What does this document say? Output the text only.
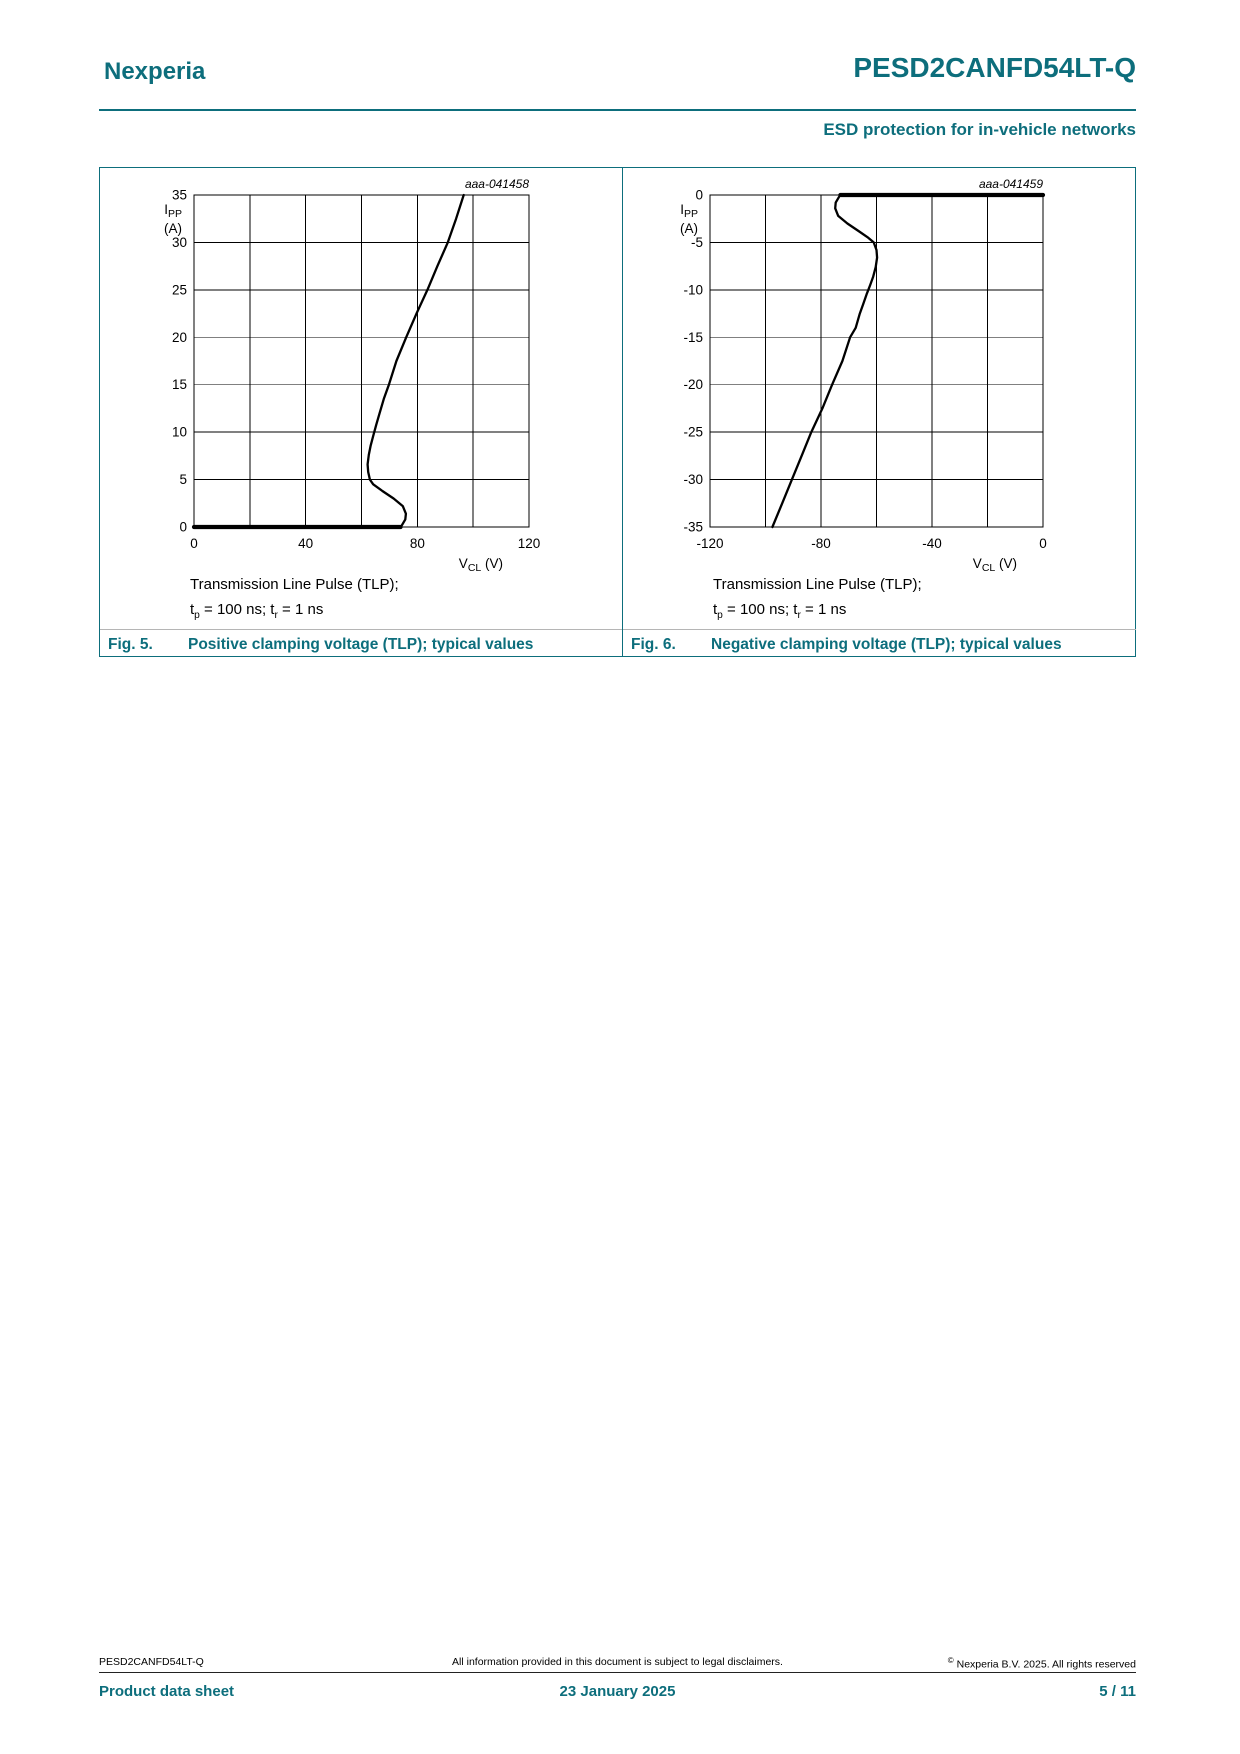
Nexperia	PESD2CANFD54LT-Q
ESD protection for in-vehicle networks
35
30
25
20
15
10
5
0
0	40	80	120
$I_{PP}$
(A)
$V_{CL}$ (V)
aaa-041458
Transmission Line Pulse (TLP);
$t_p = 100$ ns; $t_r = 1$ ns
Fig. 5. Positive clamping voltage (TLP); typical values
0
-5
-10
-15
-20
-25
-30
-35
-120	-80	-40	0
$I_{PP}$
(A)
$V_{CL}$ (V)
aaa-041459
Transmission Line Pulse (TLP);
$t_p = 100$ ns; $t_r = 1$ ns
Fig. 6. Negative clamping voltage (TLP); typical values
PESD2CANFD54LT-Q	All information provided in this document is subject to legal disclaimers.	© Nexperia B.V. 2025. All rights reserved
Product data sheet	23 January 2025	5 / 11
